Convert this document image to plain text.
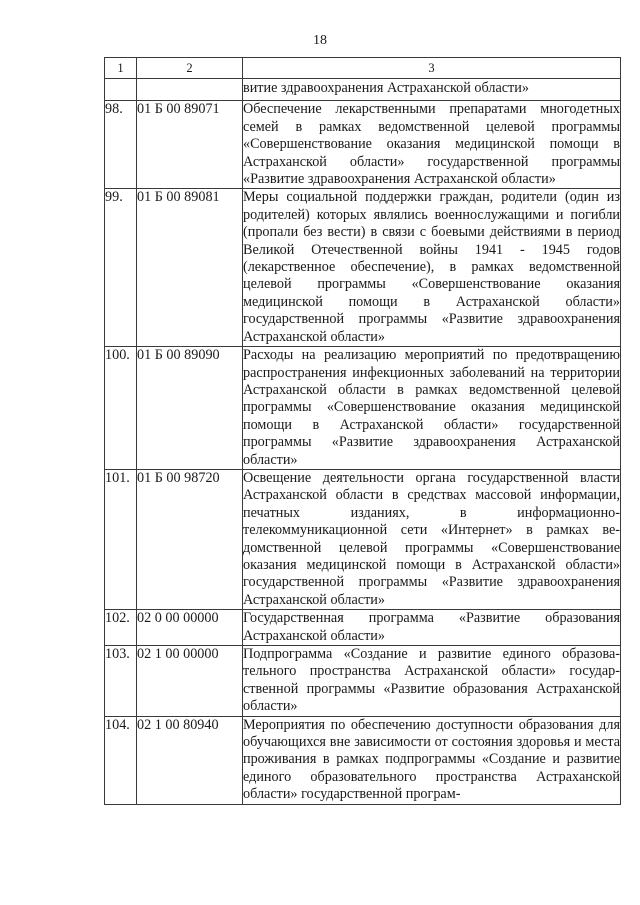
18
1	2	3
		витие здравоохранения Астраханской области»
98.	01 Б 00 89071	Обеспечение лекарственными препаратами многодетных семей в рамках ведомственной целевой программы «Совершенствование оказания медицинской помощи в Астраханской области» государственной программы «Развитие здравоохранения Астраханской области»
99.	01 Б 00 89081	Меры социальной поддержки граждан, родители (один из родителей) которых являлись военнослужащими и погибли (пропали без вести) в связи с боевыми действиями в период Великой Отечественной войны 1941 - 1945 годов (лекарственное обеспечение), в рамках ведомственной целевой программы «Совершенствование оказания медицинской помощи в Астраханской области» государственной программы «Развитие здравоохранения Астраханской области»
100.	01 Б 00 89090	Расходы на реализацию мероприятий по предотвращению распространения инфекционных заболеваний на территории Астраханской области в рамках ведомственной целевой программы «Совершенствование оказания медицинской помощи в Астраханской области» государственной программы «Развитие здравоохранения Астраханской области»
101.	01 Б 00 98720	Освещение деятельности органа государственной власти Астраханской области в средствах массовой информации, печатных изданиях, в информационно-телекоммуникационной сети «Интернет» в рамках ведомственной целевой программы «Совершенствование оказания медицинской помощи в Астраханской области» государственной программы «Развитие здравоохранения Астраханской области»
102.	02 0 00 00000	Государственная программа «Развитие образования Астраханской области»
103.	02 1 00 00000	Подпрограмма «Создание и развитие единого образовательного пространства Астраханской области» государственной программы «Развитие образования Астраханской области»
104.	02 1 00 80940	Мероприятия по обеспечению доступности образования для обучающихся вне зависимости от состояния здоровья и места проживания в рамках подпрограммы «Создание и развитие единого образовательного пространства Астраханской области» государственной програм-
